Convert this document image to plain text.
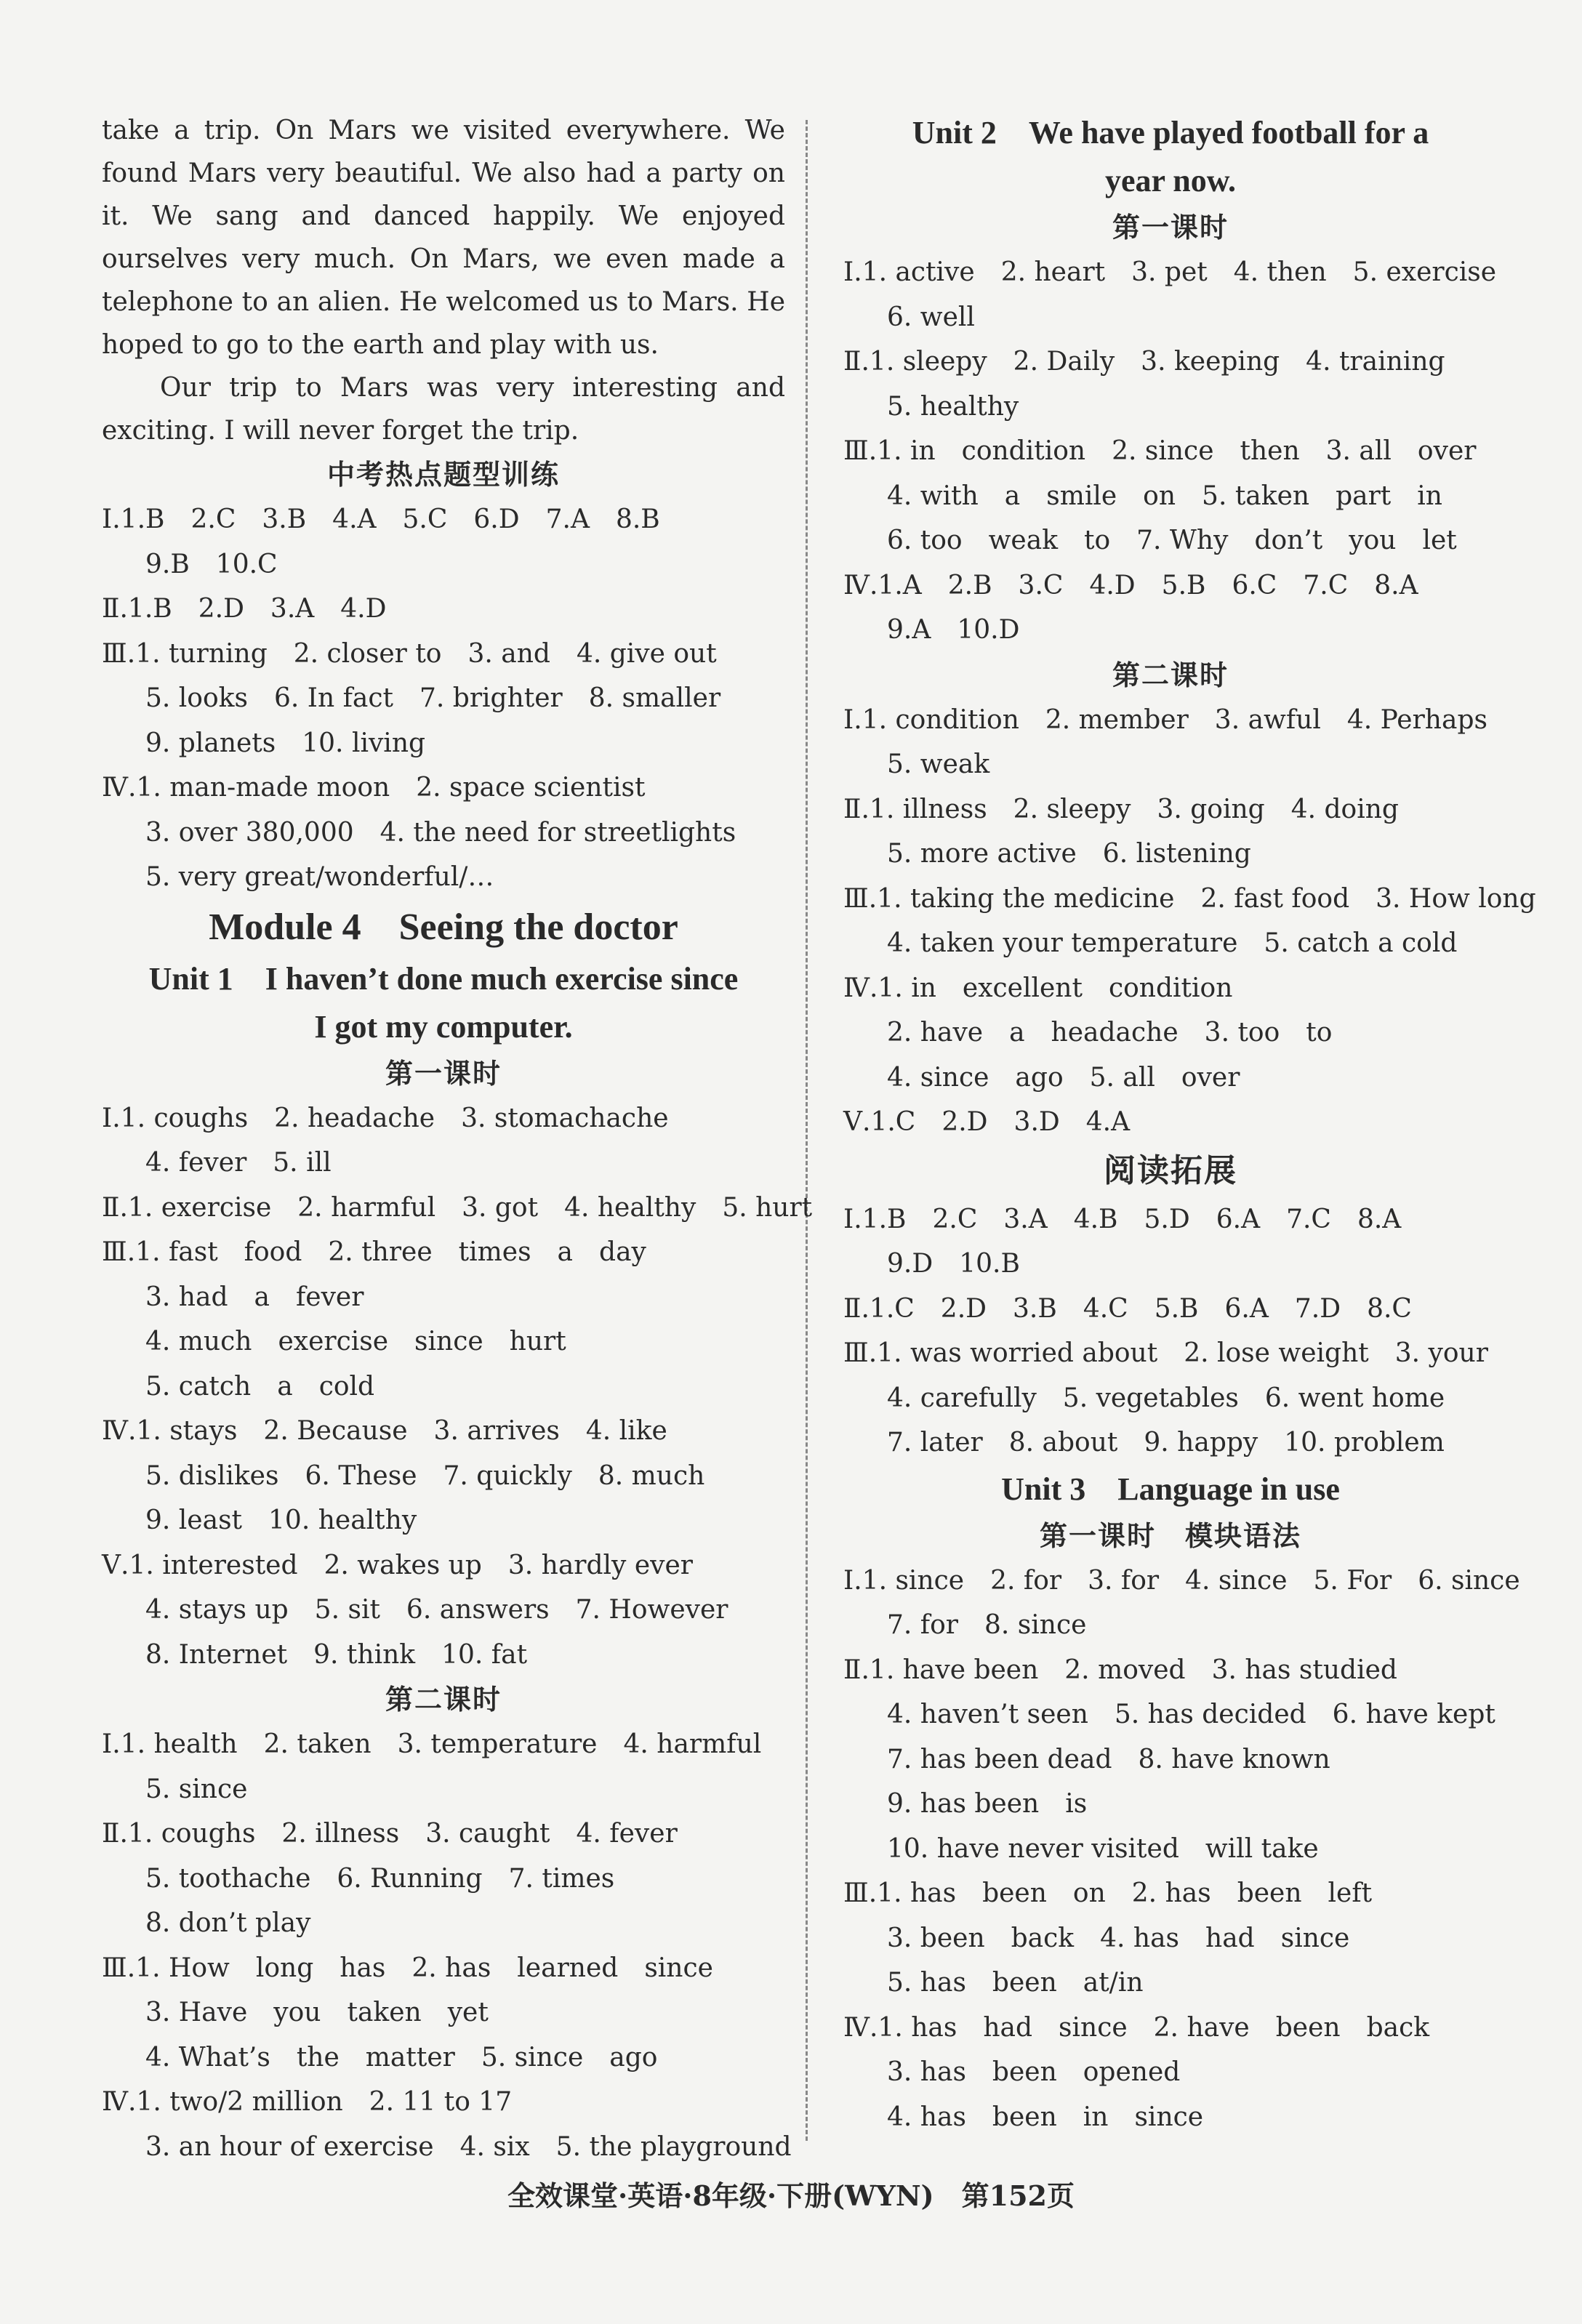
take a trip. On Mars we visited everywhere. We found Mars very beautiful. We also had a party on it. We sang and danced happily. We enjoyed ourselves very much. On Mars, we even made a telephone to an alien. He welcomed us to Mars. He hoped to go to the earth and play with us.

Our trip to Mars was very interesting and exciting. I will never forget the trip.

中考热点题型训练
Ⅰ.1.B　2.C　3.B　4.A　5.C　6.D　7.A　8.B
9.B　10.C
Ⅱ.1.B　2.D　3.A　4.D
Ⅲ.1. turning　2. closer to　3. and　4. give out
5. looks　6. In fact　7. brighter　8. smaller
9. planets　10. living
Ⅳ.1. man-made moon　2. space scientist
3. over 380,000　4. the need for streetlights
5. very great/wonderful/…
Module 4　Seeing the doctor
Unit 1　I haven’t done much exercise since
I got my computer.
第一课时
Ⅰ.1. coughs　2. headache　3. stomachache
4. fever　5. ill
Ⅱ.1. exercise　2. harmful　3. got　4. healthy　5. hurt
Ⅲ.1. fast　food　2. three　times　a　day
3. had　a　fever
4. much　exercise　since　hurt
5. catch　a　cold
Ⅳ.1. stays　2. Because　3. arrives　4. like
5. dislikes　6. These　7. quickly　8. much
9. least　10. healthy
Ⅴ.1. interested　2. wakes up　3. hardly ever
4. stays up　5. sit　6. answers　7. However
8. Internet　9. think　10. fat
第二课时
Ⅰ.1. health　2. taken　3. temperature　4. harmful
5. since
Ⅱ.1. coughs　2. illness　3. caught　4. fever
5. toothache　6. Running　7. times
8. don’t play
Ⅲ.1. How　long　has　2. has　learned　since
3. Have　you　taken　yet
4. What’s　the　matter　5. since　ago
Ⅳ.1. two/2 million　2. 11 to 17
3. an hour of exercise　4. six　5. the playground
Unit 2　We have played football for a
year now.
第一课时
Ⅰ.1. active　2. heart　3. pet　4. then　5. exercise
6. well
Ⅱ.1. sleepy　2. Daily　3. keeping　4. training
5. healthy
Ⅲ.1. in　condition　2. since　then　3. all　over
4. with　a　smile　on　5. taken　part　in
6. too　weak　to　7. Why　don’t　you　let
Ⅳ.1.A　2.B　3.C　4.D　5.B　6.C　7.C　8.A
9.A　10.D
第二课时
Ⅰ.1. condition　2. member　3. awful　4. Perhaps
5. weak
Ⅱ.1. illness　2. sleepy　3. going　4. doing
5. more active　6. listening
Ⅲ.1. taking the medicine　2. fast food　3. How long
4. taken your temperature　5. catch a cold
Ⅳ.1. in　excellent　condition
2. have　a　headache　3. too　to
4. since　ago　5. all　over
Ⅴ.1.C　2.D　3.D　4.A
阅读拓展
Ⅰ.1.B　2.C　3.A　4.B　5.D　6.A　7.C　8.A
9.D　10.B
Ⅱ.1.C　2.D　3.B　4.C　5.B　6.A　7.D　8.C
Ⅲ.1. was worried about　2. lose weight　3. your
4. carefully　5. vegetables　6. went home
7. later　8. about　9. happy　10. problem
Unit 3　Language in use
第一课时　模块语法
Ⅰ.1. since　2. for　3. for　4. since　5. For　6. since
7. for　8. since
Ⅱ.1. have been　2. moved　3. has studied
4. haven’t seen　5. has decided　6. have kept
7. has been dead　8. have known
9. has been　is
10. have never visited　will take
Ⅲ.1. has　been　on　2. has　been　left
3. been　back　4. has　had　since
5. has　been　at/in
Ⅳ.1. has　had　since　2. have　been　back
3. has　been　opened
4. has　been　in　since
全效课堂·英语·8年级·下册(WYN)　第152页
